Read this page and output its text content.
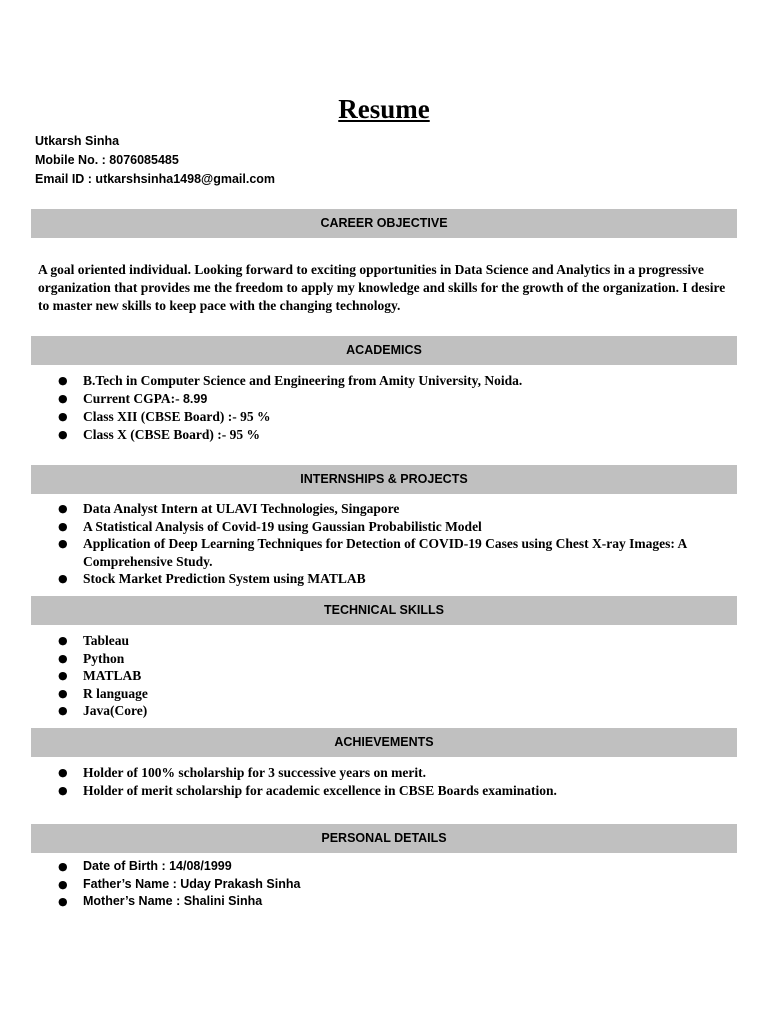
Resume
Utkarsh Sinha
Mobile No. : 8076085485
Email ID : utkarshsinha1498@gmail.com
CAREER OBJECTIVE
A goal oriented individual. Looking forward to exciting opportunities in Data Science and Analytics in a progressive organization that provides me the freedom to apply my knowledge and skills for the growth of the organization. I desire to master new skills to keep pace with the changing technology.
ACADEMICS
● B.Tech in Computer Science and Engineering from Amity University, Noida.
● Current CGPA:- 8.99
● Class XII (CBSE Board) :- 95 %
● Class X (CBSE Board) :- 95 %
INTERNSHIPS & PROJECTS
● Data Analyst Intern at ULAVI Technologies, Singapore
● A Statistical Analysis of Covid-19 using Gaussian Probabilistic Model
● Application of Deep Learning Techniques for Detection of COVID-19 Cases using Chest X-ray Images: A Comprehensive Study.
● Stock Market Prediction System using MATLAB
TECHNICAL SKILLS
● Tableau
● Python
● MATLAB
● R language
● Java(Core)
ACHIEVEMENTS
● Holder of 100% scholarship for 3 successive years on merit.
● Holder of merit scholarship for academic excellence in CBSE Boards examination.
PERSONAL DETAILS
● Date of Birth : 14/08/1999
● Father’s Name : Uday Prakash Sinha
● Mother’s Name : Shalini Sinha
